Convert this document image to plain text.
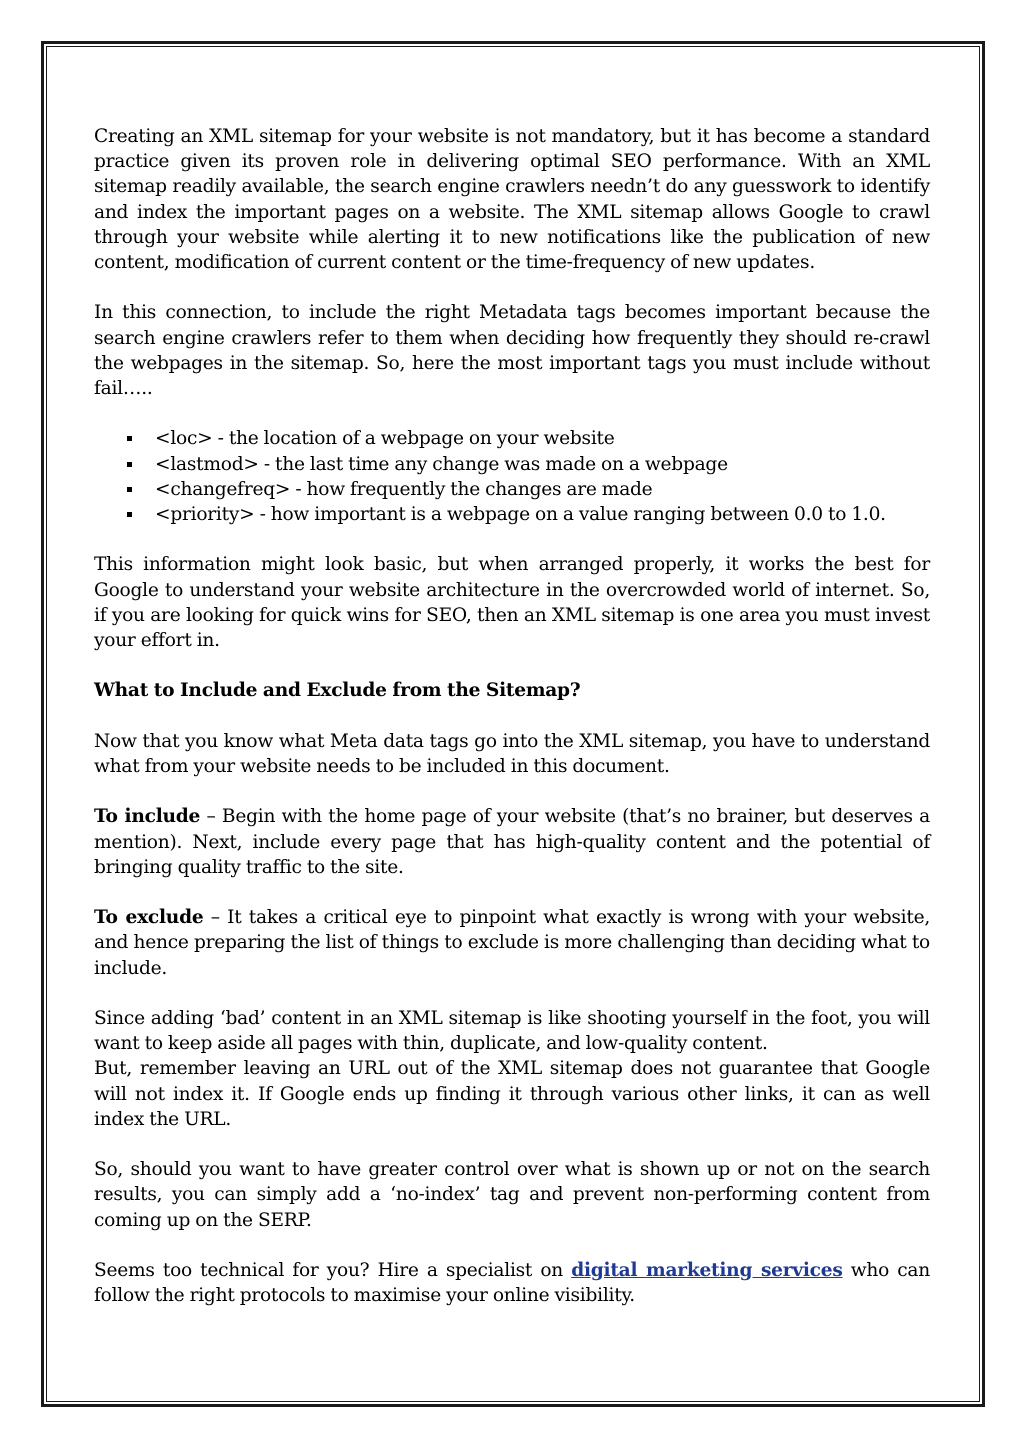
Creating an XML sitemap for your website is not mandatory, but it has become a standard practice given its proven role in delivering optimal SEO performance. With an XML sitemap readily available, the search engine crawlers needn’t do any guesswork to identify and index the important pages on a website. The XML sitemap allows Google to crawl through your website while alerting it to new notifications like the publication of new content, modification of current content or the time-frequency of new updates.

In this connection, to include the right Metadata tags becomes important because the search engine crawlers refer to them when deciding how frequently they should re-crawl the webpages in the sitemap. So, here the most important tags you must include without fail…..

<loc> - the location of a webpage on your website
<lastmod> - the last time any change was made on a webpage
<changefreq> - how frequently the changes are made
<priority> - how important is a webpage on a value ranging between 0.0 to 1.0.

This information might look basic, but when arranged properly, it works the best for Google to understand your website architecture in the overcrowded world of internet. So, if you are looking for quick wins for SEO, then an XML sitemap is one area you must invest your effort in.

What to Include and Exclude from the Sitemap?

Now that you know what Meta data tags go into the XML sitemap, you have to understand what from your website needs to be included in this document.

To include – Begin with the home page of your website (that’s no brainer, but deserves a mention). Next, include every page that has high-quality content and the potential of bringing quality traffic to the site.

To exclude – It takes a critical eye to pinpoint what exactly is wrong with your website, and hence preparing the list of things to exclude is more challenging than deciding what to include.

Since adding ‘bad’ content in an XML sitemap is like shooting yourself in the foot, you will want to keep aside all pages with thin, duplicate, and low-quality content.

But, remember leaving an URL out of the XML sitemap does not guarantee that Google will not index it. If Google ends up finding it through various other links, it can as well index the URL.

So, should you want to have greater control over what is shown up or not on the search results, you can simply add a ‘no-index’ tag and prevent non-performing content from coming up on the SERP.

Seems too technical for you? Hire a specialist on digital marketing services who can follow the right protocols to maximise your online visibility.
